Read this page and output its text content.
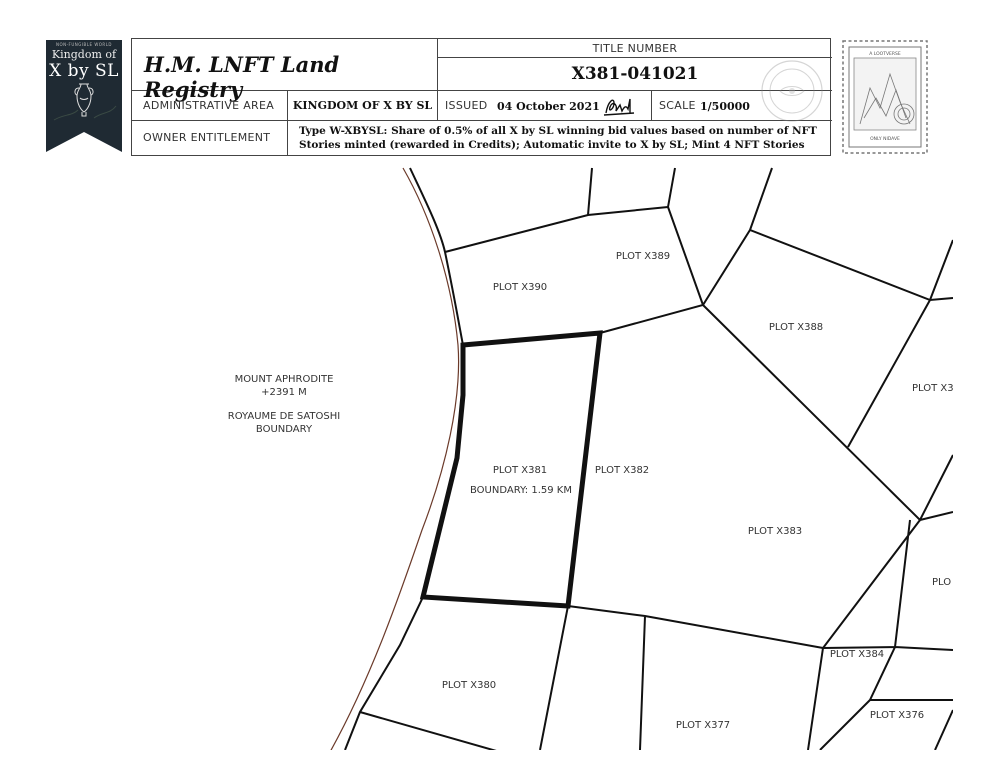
MOUNT APHRODITE
+2391 M
ROYAUME DE SATOSHI
BOUNDARY
PLOT X390
PLOT X389
PLOT X388
PLOT X3
PLOT X381
BOUNDARY: 1.59 KM
PLOT X382
PLOT X383
PLO
PLOT X384
PLOT X380
PLOT X377
PLOT X376
NON-FUNGIBLE WORLD
Kingdom of
X by SL	H.M. LNFT Land Registry
TITLE NUMBER
X381-041021
ADMINISTRATIVE AREA	KINGDOM OF X BY SL	ISSUED 04 October 2021	SCALE 1/50000
OWNER ENTITLEMENT	Type W-XBYSL: Share of 0.5% of all X by SL winning bid values based on number of NFT Stories minted (rewarded in Credits); Automatic invite to X by SL; Mint 4 NFT Stories
A LOOTVERSE
ONLY NIDAVE
